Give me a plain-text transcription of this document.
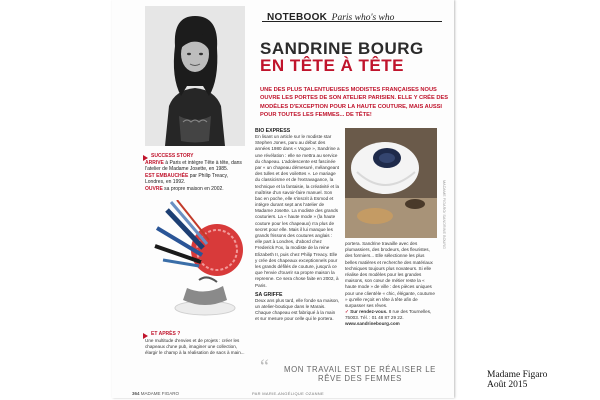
NOTEBOOK Paris who's who
SANDRINE BOURG
EN TÊTE À TÊTE

UNE DES PLUS TALENTUEUSES MODISTES FRANÇAISES NOUS OUVRE LES PORTES DE SON ATELIER PARISIEN. ELLE Y CRÉE DES MODÈLES D'EXCEPTION POUR LA HAUTE COUTURE, MAIS AUSSI POUR TOUTES LES FEMMES... DE TÊTE!

SUCCESS STORY

ARRIVE à Paris et intègre Tête à tête, dans l'atelier de Madame Josette, en 1985.

EST EMBAUCHÉE par Philip Treacy, Londres, en 1992.

OUVRE sa propre maison en 2002.

ET APRÈS ?

Une multitude d'envies et de projets : créer les chapeaux d'une pub, imaginer une collection, élargir le champ à la réalisation de sacs à main...

BIO EXPRESS

En lisant un article sur le modiste star Stephen Jones, paru au début des années 1980 dans « Vogue », Sandrine a une révélation : elle se mettra au service du chapeau. L'adolescente est fascinée par « un chapeau démesuré, mélangeant des tulles et des voilettes ». Le mariage du classicisme et de l'extravagance, la technique et la fantaisie, la créativité et la maîtrise d'un savoir-faire manuel. Son bac en poche, elle s'inscrit à Esmod et intègre durant sept ans l'atelier de Madame Josette. La modiste des grands couturiers. La « haute mode » (la haute couture pour les chapeaux) n'a plus de secret pour elle. Mais il lui manque les grands frissons des coutures anglais : elle part à Londres, d'abord chez Frederick Fox, la modiste de la reine Elizabeth II, puis chez Philip Treacy. Elle y crée des chapeaux exceptionnels pour les grands défilés de couture, jusqu'à ce que l'envie d'ouvrir sa propre maison la reprenne. Ce sera chose faite en 2002, à Paris.

SA GRIFFE

Deux ans plus tard, elle fonde sa maison, un atelier-boutique dans le Marais. Chaque chapeau est fabriqué à la main et sur mesure pour celle qui le portera.

portera. Sandrine travaille avec des plumassiers, des brodeurs, des fleuristes, des formiers... Elle sélectionne les plus belles matières et recherche des matériaux techniques toujours plus novateurs. Si elle réalise des modèles pour les grandes maisons, son cœur de métier reste la « haute mode » de ville : des pièces uniques pour une clientèle « chic, élégante, coutume » qu'elle reçoit en tête à tête afin de surpasser ses rêves.

✓ Sur rendez-vous. 8 rue des Tournelles, 75003. Tél. : 01 48 87 29 22.

www.sandrinebourg.com

“	MON TRAVAIL EST DE RÉALISER LE RÊVE DES FEMMES

364 MADAME FIGARO	PAR MARIE-ANGÉLIQUE OZANNE
MADAME FIGARO/ SANDRINE BOURG
Madame Figaro
Août 2015
